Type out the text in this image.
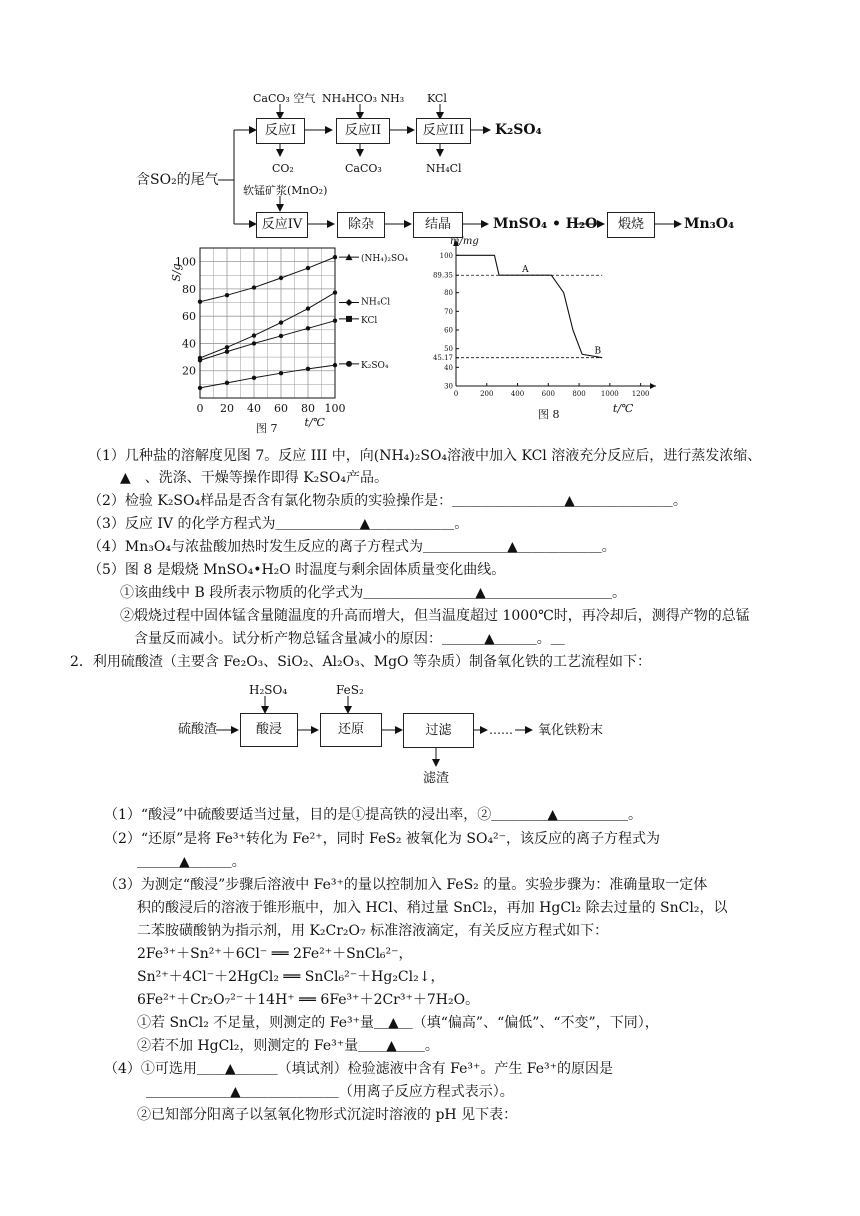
含SO₂的尾气
CaCO₃ 空气 NH₄HCO₃ NH₃ KCl
反应I	反应II	反应III	K₂SO₄
CO₂	CaCO₃	NH₄Cl
软锰矿浆(MnO₂)
反应IV	除杂	结晶	MnSO₄ • H₂O	煅烧	Mn₃O₄
0 20 40 60 80 100
20
40
60
80
100
S/g
t/℃
(NH₄)₂SO₄
NH₄Cl
KCl
K₂SO₄
图 7
0	200 400 600 800 1000 1200
30
40
45.17
50
60
70
80
89.35
100
A
B
m/mg
t/℃
图 8
（1）几种盐的溶解度见图 7。反应 III 中，向(NH₄)₂SO₄溶液中加入 KCl 溶液充分反应后，进行蒸发浓缩、
▲　、洗涤、干燥等操作即得 K₂SO₄产品。
（2）检验 K₂SO₄样品是否含有氯化物杂质的实验操作是：＿＿＿＿＿＿＿＿▲＿＿＿＿＿＿＿。
（3）反应 IV 的化学方程式为＿＿＿＿＿＿▲＿＿＿＿＿＿。
（4）Mn₃O₄与浓盐酸加热时发生反应的离子方程式为＿＿＿＿＿＿▲＿＿＿＿＿＿。
（5）图 8 是煅烧 MnSO₄•H₂O 时温度与剩余固体质量变化曲线。
①该曲线中 B 段所表示物质的化学式为＿＿＿＿＿＿＿＿▲＿＿＿＿＿＿＿＿＿。
②煅烧过程中固体锰含量随温度的升高而增大，但当温度超过 1000℃时，再冷却后，测得产物的总锰
含量反而减小。试分析产物总锰含量减小的原因：＿＿＿▲＿＿＿。＿
2．利用硫酸渣（主要含 Fe₂O₃、SiO₂、Al₂O₃、MgO 等杂质）制备氧化铁的工艺流程如下：
硫酸渣
H₂SO₄	FeS₂
酸浸	还原	过滤	…… 氧化铁粉末
滤渣
（1）“酸浸”中硫酸要适当过量，目的是①提高铁的浸出率，②＿＿＿＿▲＿＿＿＿＿。
（2）“还原”是将 Fe³⁺转化为 Fe²⁺，同时 FeS₂ 被氧化为 SO₄²⁻，该反应的离子方程式为
＿＿＿▲＿＿＿。
（3）为测定“酸浸”步骤后溶液中 Fe³⁺的量以控制加入 FeS₂ 的量。实验步骤为：准确量取一定体
积的酸浸后的溶液于锥形瓶中，加入 HCl、稍过量 SnCl₂，再加 HgCl₂ 除去过量的 SnCl₂，以
二苯胺磺酸钠为指示剂，用 K₂Cr₂O₇ 标准溶液滴定，有关反应方程式如下：
2Fe³⁺＋Sn²⁺＋6Cl⁻ ══ 2Fe²⁺＋SnCl₆²⁻，
Sn²⁺＋4Cl⁻＋2HgCl₂ ══ SnCl₆²⁻＋Hg₂Cl₂↓，
6Fe²⁺＋Cr₂O₇²⁻＋14H⁺ ══ 6Fe³⁺＋2Cr³⁺＋7H₂O。
①若 SnCl₂ 不足量，则测定的 Fe³⁺量＿▲＿（填“偏高”、“偏低”、“不变”，下同），
②若不加 HgCl₂，则测定的 Fe³⁺量＿＿▲＿＿。
（4）①可选用＿＿▲＿＿＿（填试剂）检验滤液中含有 Fe³⁺。产生 Fe³⁺的原因是
＿＿＿＿＿＿▲＿＿＿＿＿＿＿（用离子反应方程式表示）。
②已知部分阳离子以氢氧化物形式沉淀时溶液的 pH 见下表：
